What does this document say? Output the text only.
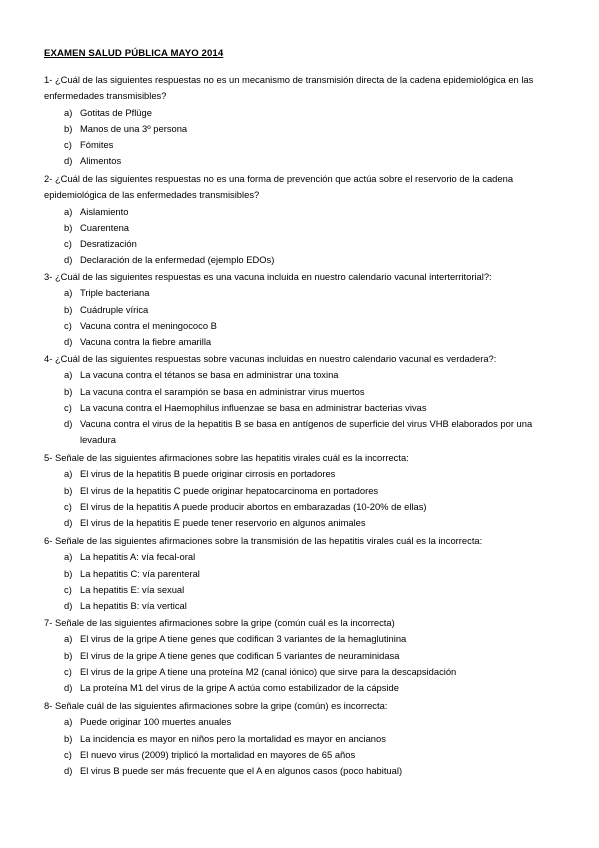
EXAMEN SALUD PÚBLICA MAYO 2014
1- ¿Cuál de las siguientes respuestas no es un mecanismo de transmisión directa de la cadena epidemiológica en las enfermedades transmisibles?
a) Gotitas de Pflüge
b) Manos de una 3º persona
c) Fómites
d) Alimentos
2- ¿Cuál de las siguientes respuestas no es una forma de prevención que actúa sobre el reservorio de la cadena epidemiológica de las enfermedades transmisibles?
a) Aislamiento
b) Cuarentena
c) Desratización
d) Declaración de la enfermedad (ejemplo EDOs)
3- ¿Cuál de las siguientes respuestas es una vacuna incluida en nuestro calendario vacunal interterritorial?:
a) Triple bacteriana
b) Cuádruple vírica
c) Vacuna contra el meningococo B
d) Vacuna contra la fiebre amarilla
4- ¿Cuál de las siguientes respuestas sobre vacunas incluidas en nuestro calendario vacunal es verdadera?:
a) La vacuna contra el tétanos se basa en administrar una toxina
b) La vacuna contra el sarampión se basa en administrar virus muertos
c) La vacuna contra el Haemophilus influenzae se basa en administrar bacterias vivas
d) Vacuna contra el virus de la hepatitis B se basa en antígenos de superficie del virus VHB elaborados por una levadura
5- Señale de las siguientes afirmaciones sobre las hepatitis virales cuál es la incorrecta:
a) El virus de la hepatitis B puede originar cirrosis en portadores
b) El virus de la hepatitis C puede originar hepatocarcinoma en portadores
c) El virus de la hepatitis A puede producir abortos en embarazadas (10-20% de ellas)
d) El virus de la hepatitis E puede tener reservorio en algunos animales
6- Señale de las siguientes afirmaciones sobre la transmisión de las hepatitis virales cuál es la incorrecta:
a) La hepatitis A: vía fecal-oral
b) La hepatitis C: vía parenteral
c) La hepatitis E: vía sexual
d) La hepatitis B: vía vertical
7- Señale de las siguientes afirmaciones sobre la gripe (común cuál es la incorrecta)
a) El virus de la gripe A tiene genes que codifican 3 variantes de la hemaglutinina
b) El virus de la gripe A tiene genes que codifican 5 variantes de neuraminidasa
c) El virus de la gripe A tiene una proteína M2 (canal iónico) que sirve para la descapsidación
d) La proteína M1 del virus de la gripe A actúa como estabilizador de la cápside
8- Señale cuál de las siguientes afirmaciones sobre la gripe (común) es incorrecta:
a) Puede originar 100 muertes anuales
b) La incidencia es mayor en niños pero la mortalidad es mayor en ancianos
c) El nuevo virus (2009) triplicó la mortalidad en mayores de 65 años
d) El virus B puede ser más frecuente que el A en algunos casos (poco habitual)
